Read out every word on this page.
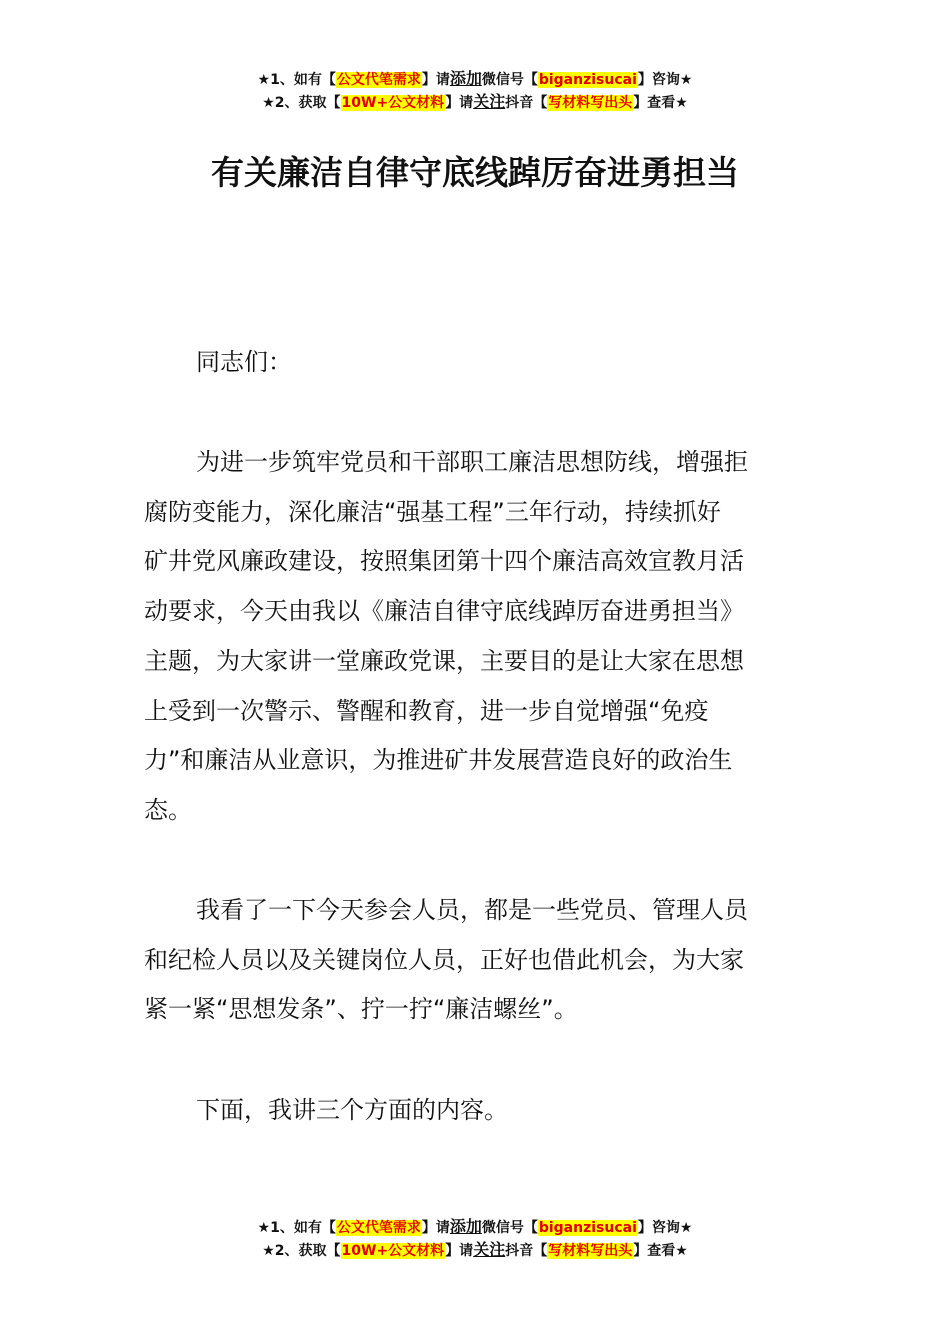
★1、如有【公文代笔需求】请添加微信号【biganzisucai】咨询★
★2、获取【10W+公文材料】请关注抖音【写材料写出头】查看★
有关廉洁自律守底线踔厉奋进勇担当

同志们：

为进一步筑牢党员和干部职工廉洁思想防线，增强拒
腐防变能力，深化廉洁“强基工程”三年行动，持续抓好
矿井党风廉政建设，按照集团第十四个廉洁高效宣教月活
动要求，今天由我以《廉洁自律守底线踔厉奋进勇担当》
主题，为大家讲一堂廉政党课，主要目的是让大家在思想
上受到一次警示、警醒和教育，进一步自觉增强“免疫
力”和廉洁从业意识，为推进矿井发展营造良好的政治生
态。

我看了一下今天参会人员，都是一些党员、管理人员
和纪检人员以及关键岗位人员，正好也借此机会，为大家
紧一紧“思想发条”、拧一拧“廉洁螺丝”。

下面，我讲三个方面的内容。

★1、如有【公文代笔需求】请添加微信号【biganzisucai】咨询★
★2、获取【10W+公文材料】请关注抖音【写材料写出头】查看★
